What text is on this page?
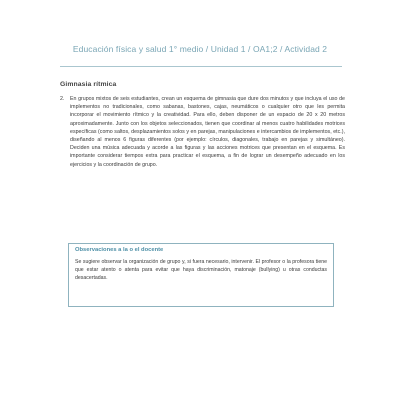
Educación física y salud 1° medio / Unidad 1 / OA1;2 / Actividad 2
Gimnasia rítmica
2. En grupos mixtos de seis estudiantes, crean un esquema de gimnasia que dure dos minutos y que incluya el uso de implementos no tradicionales, como sabanas, bastones, cajas, neumáticos o cualquier otro que les permita incorporar el movimiento rítmico y la creatividad. Para ello, deben disponer de un espacio de 20 x 20 metros aproximadamente. Junto con los objetos seleccionados, tienen que coordinar al menos cuatro habilidades motrices específicas (como saltos, desplazamientos solos y en parejas, manipulaciones e intercambios de implementos, etc.), diseñando al menos 6 figuras diferentes (por ejemplo: círculos, diagonales, trabajo en parejas y simultáneo). Deciden una música adecuada y acorde a las figuras y las acciones motrices que presentan en el esquema. Es importante considerar tiempos extra para practicar el esquema, a fin de lograr un desempeño adecuado en los ejercicios y la coordinación de grupo.
Observaciones a la o el docente
Se sugiere observar la organización de grupo y, si fuera necesario, intervenir. El profesor o la profesora tiene que estar atento o atenta para evitar que haya discriminación, matonaje (bullying) u otras conductas desacertadas.
